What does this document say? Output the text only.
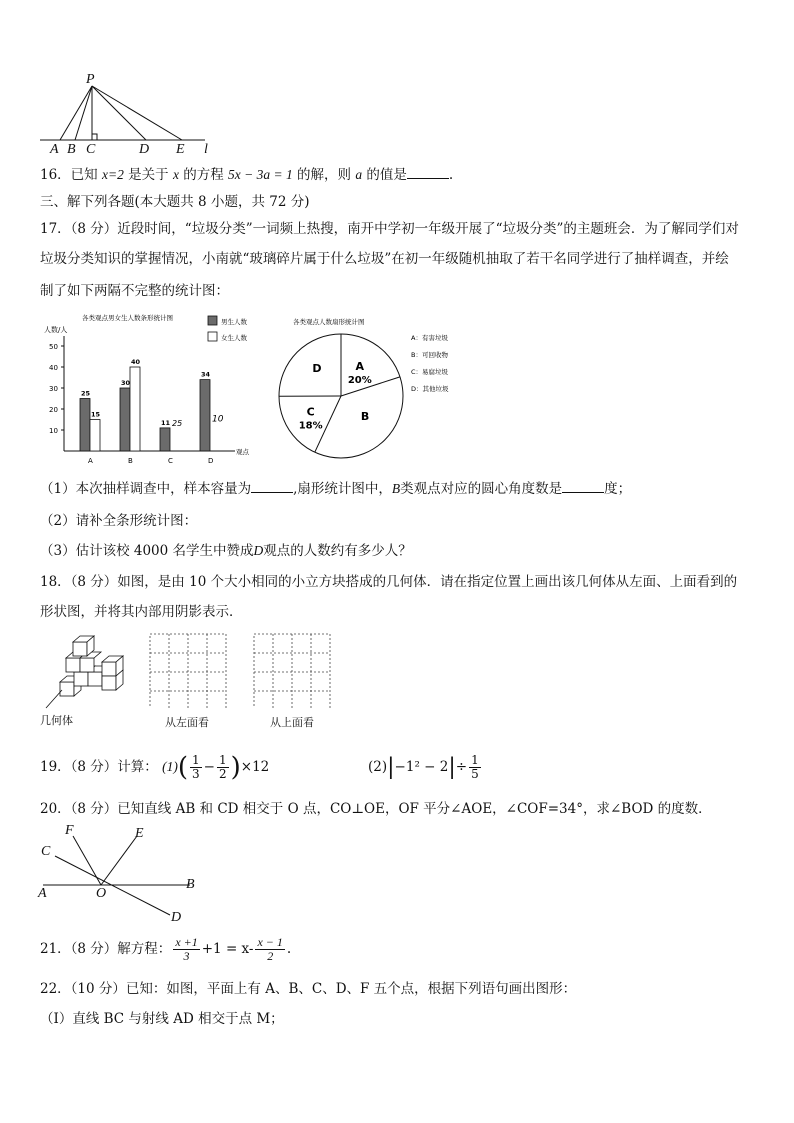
P
A B C	D E l
16．已知 x=2 是关于 x 的方程 5x − 3a = 1 的解，则 a 的值是	.
三、解下列各题(本大题共 8 小题，共 72 分)
17．（8 分）近段时间，“垃圾分类”一词频上热搜，南开中学初一年级开展了“垃圾分类”的主题班会．为了解同学们对
垃圾分类知识的掌握情况，小南就“玻璃碎片属于什么垃圾”在初一年级随机抽取了若干名同学进行了抽样调查，并绘
制了如下两隔不完整的统计图：
各类观点男女生人数条形统计图
人数/人
观点
10
20
30
40
50
男生人数
女生人数
A
25
15
B
30
40
C
11
D
34
25	10
各类观点人数扇形统计图
A
20%
B
C
18%
D
A：有害垃圾
B：可回收物
C：易腐垃圾
D：其他垃圾
（1）本次抽样调查中，样本容量为	,扇形统计图中，B类观点对应的圆心角度数是	度；
（2）请补全条形统计图：
（3）估计该校 4000 名学生中赞成D观点的人数约有多少人？
18．（8 分）如图，是由 10 个大小相同的小立方块搭成的几何体．请在指定位置上画出该几何体从左面、上面看到的
形状图，并将其内部用阴影表示．
几何体	从左面看	从上面看
19．（8 分）计算： $(1)( \frac{1}{3} - \frac{1}{2} )\times 12$	$(2)|-1^2 - 2|\div \frac{1}{5}$
20．（8 分）已知直线 AB 和 CD 相交于 O 点，CO⊥OE，OF 平分∠AOE，∠COF=34°，求∠BOD 的度数．
F	E
C
A	O
B
D
21．（8 分）解方程： $\frac{x +1}{3} +1 = x- \frac{x - 1}{2}$ .
22．（10 分）已知：如图，平面上有 A、B、C、D、F 五个点，根据下列语句画出图形：
（Ⅰ）直线 BC 与射线 AD 相交于点 M；
